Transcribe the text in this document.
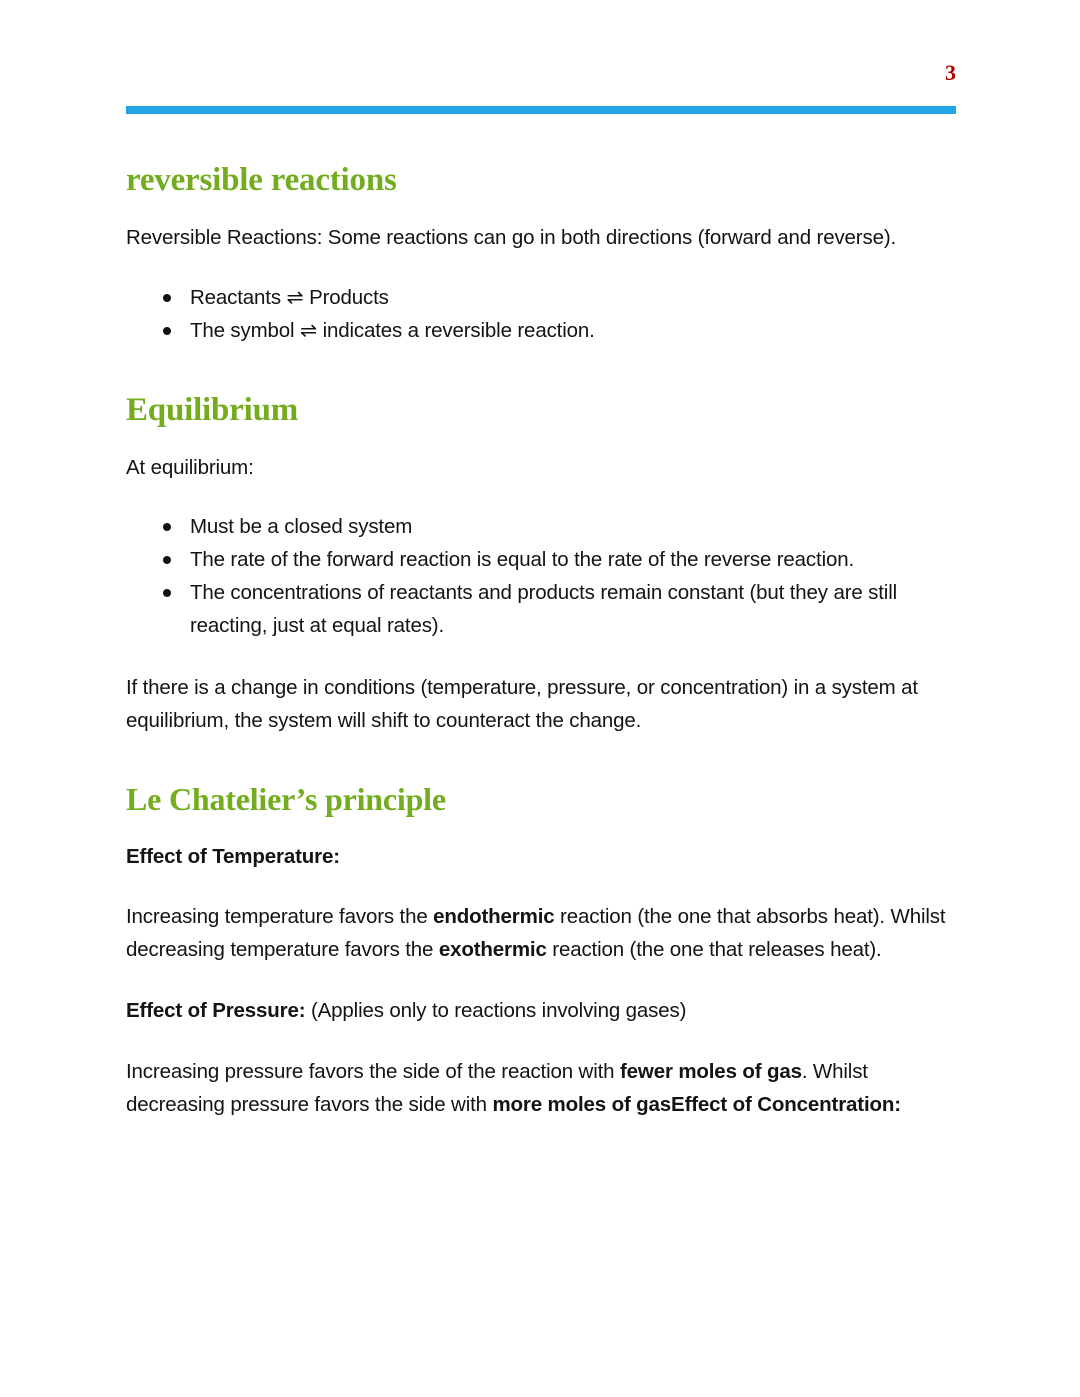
3
reversible reactions

Reversible Reactions: Some reactions can go in both directions (forward and reverse).

Reactants ⇌ Products
The symbol ⇌ indicates a reversible reaction.
Equilibrium

At equilibrium:

Must be a closed system
The rate of the forward reaction is equal to the rate of the reverse reaction.
The concentrations of reactants and products remain constant (but they are still reacting, just at equal rates).

If there is a change in conditions (temperature, pressure, or concentration) in a system at equilibrium, the system will shift to counteract the change.

Le Chatelier’s principle

Effect of Temperature:

Increasing temperature favors the endothermic reaction (the one that absorbs heat). Whilst decreasing temperature favors the exothermic reaction (the one that releases heat).

Effect of Pressure: (Applies only to reactions involving gases)

Increasing pressure favors the side of the reaction with fewer moles of gas. Whilst decreasing pressure favors the side with more moles of gasEffect of Concentration:
